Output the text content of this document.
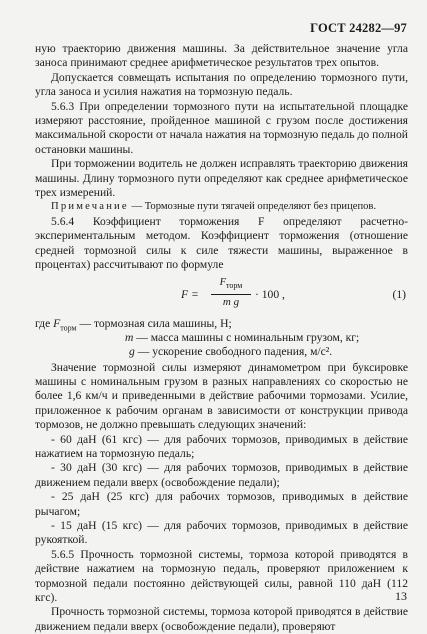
ГОСТ 24282—97

ную траекторию движения машины. За действительное значение угла заноса принимают среднее арифметическое результатов трех опытов.

Допускается совмещать испытания по определению тормозного пути, угла заноса и усилия нажатия на тормозную педаль.

5.6.3 При определении тормозного пути на испытательной площадке измеряют расстояние, пройденное машиной с грузом после достижения максимальной скорости от начала нажатия на тормозную педаль до полной остановки машины.

При торможении водитель не должен исправлять траекторию движения машины. Длину тормозного пути определяют как среднее арифметическое трех измерений.

Примечание — Тормозные пути тягачей определяют без прицепов.

5.6.4 Коэффициент торможения F определяют расчетно-экспериментальным методом. Коэффициент торможения (отношение средней тормозной силы к силе тяжести машины, выраженное в процентах) рассчитывают по формуле

F =
$F_{торм}$
m g
· 100 ,	(1)
где $F_{торм}$ — тормозная сила машины, Н;
m — масса машины с номинальным грузом, кг;
g — ускорение свободного падения, м/с².

Значение тормозной силы измеряют динамометром при буксировке машины с номинальным грузом в разных направлениях со скоростью не более 1,6 км/ч и приведенными в действие рабочими тормозами. Усилие, приложенное к рабочим органам в зависимости от конструкции привода тормозов, не должно превышать следующих значений:

- 60 даН (61 кгс) — для рабочих тормозов, приводимых в действие нажатием на тормозную педаль;

- 30 даН (30 кгс) — для рабочих тормозов, приводимых в действие движением педали вверх (освобождение педали);

- 25 даН (25 кгс) для рабочих тормозов, приводимых в действие рычагом;

- 15 даН (15 кгс) — для рабочих тормозов, приводимых в действие рукояткой.

5.6.5 Прочность тормозной системы, тормоза которой приводятся в действие нажатием на тормозную педаль, проверяют приложением к тормозной педали постоянно действующей силы, равной 110 даН (112 кгс).

Прочность тормозной системы, тормоза которой приводятся в действие движением педали вверх (освобождение педали), проверяют

13
